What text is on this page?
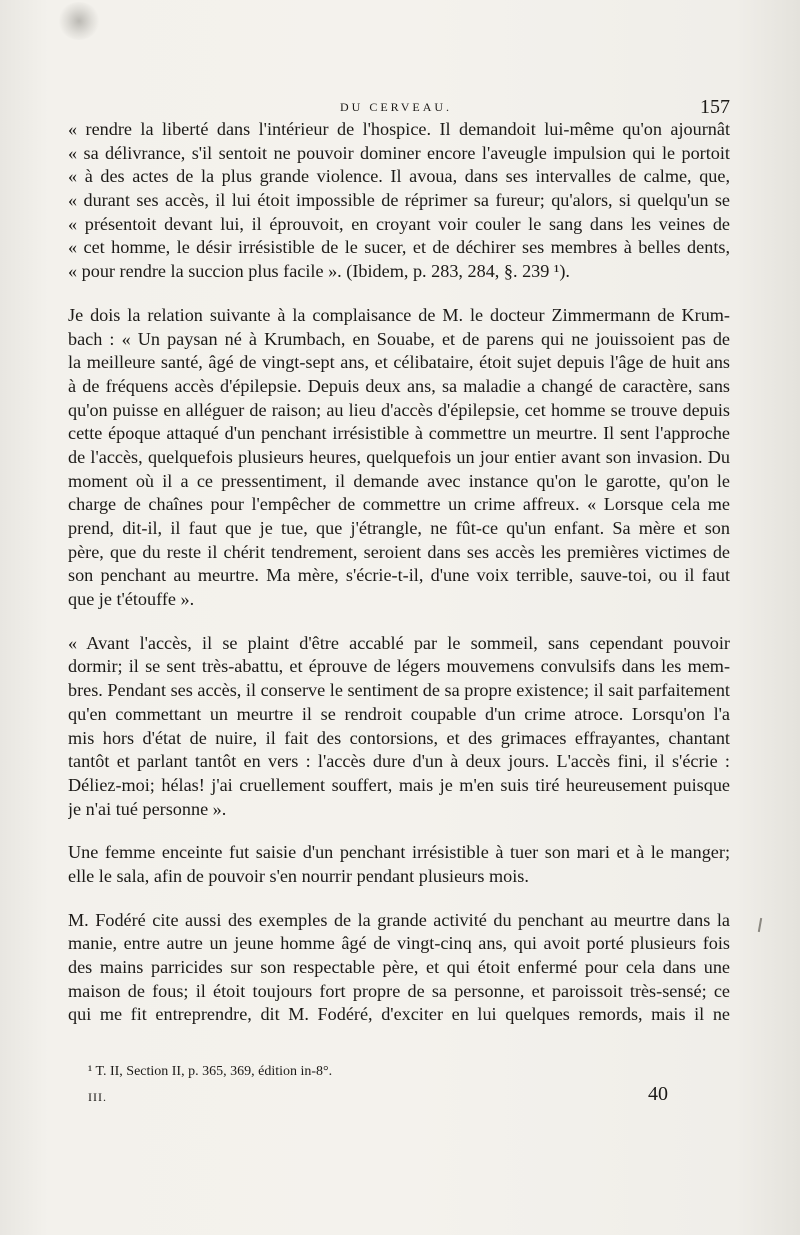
DU CERVEAU.	157
« rendre la liberté dans l'intérieur de l'hospice. Il demandoit lui-même qu'on ajournât
« sa délivrance, s'il sentoit ne pouvoir dominer encore l'aveugle impulsion qui le portoit
« à des actes de la plus grande violence. Il avoua, dans ses intervalles de calme, que,
« durant ses accès, il lui étoit impossible de réprimer sa fureur; qu'alors, si quelqu'un se
« présentoit devant lui, il éprouvoit, en croyant voir couler le sang dans les veines de
« cet homme, le désir irrésistible de le sucer, et de déchirer ses membres à belles dents,
« pour rendre la succion plus facile ». (Ibidem, p. 283, 284, §. 239 ¹).
Je dois la relation suivante à la complaisance de M. le docteur Zimmermann de Krum-
bach : « Un paysan né à Krumbach, en Souabe, et de parens qui ne jouissoient pas de
la meilleure santé, âgé de vingt-sept ans, et célibataire, étoit sujet depuis l'âge de huit ans
à de fréquens accès d'épilepsie. Depuis deux ans, sa maladie a changé de caractère, sans
qu'on puisse en alléguer de raison; au lieu d'accès d'épilepsie, cet homme se trouve depuis
cette époque attaqué d'un penchant irrésistible à commettre un meurtre. Il sent l'approche
de l'accès, quelquefois plusieurs heures, quelquefois un jour entier avant son invasion. Du
moment où il a ce pressentiment, il demande avec instance qu'on le garotte, qu'on le
charge de chaînes pour l'empêcher de commettre un crime affreux. « Lorsque cela me
prend, dit-il, il faut que je tue, que j'étrangle, ne fût-ce qu'un enfant. Sa mère et son
père, que du reste il chérit tendrement, seroient dans ses accès les premières victimes de
son penchant au meurtre. Ma mère, s'écrie-t-il, d'une voix terrible, sauve-toi, ou il faut
que je t'étouffe ».
« Avant l'accès, il se plaint d'être accablé par le sommeil, sans cependant pouvoir
dormir; il se sent très-abattu, et éprouve de légers mouvemens convulsifs dans les mem-
bres. Pendant ses accès, il conserve le sentiment de sa propre existence; il sait parfaitement
qu'en commettant un meurtre il se rendroit coupable d'un crime atroce. Lorsqu'on l'a
mis hors d'état de nuire, il fait des contorsions, et des grimaces effrayantes, chantant
tantôt et parlant tantôt en vers : l'accès dure d'un à deux jours. L'accès fini, il s'écrie :
Déliez-moi; hélas! j'ai cruellement souffert, mais je m'en suis tiré heureusement puisque
je n'ai tué personne ».
Une femme enceinte fut saisie d'un penchant irrésistible à tuer son mari et à le manger;
elle le sala, afin de pouvoir s'en nourrir pendant plusieurs mois.
M. Fodéré cite aussi des exemples de la grande activité du penchant au meurtre dans la
manie, entre autre un jeune homme âgé de vingt-cinq ans, qui avoit porté plusieurs fois
des mains parricides sur son respectable père, et qui étoit enfermé pour cela dans une
maison de fous; il étoit toujours fort propre de sa personne, et paroissoit très-sensé; ce
qui me fit entreprendre, dit M. Fodéré, d'exciter en lui quelques remords, mais il ne
¹ T. II, Section II, p. 365, 369, édition in-8°.
III.	40
